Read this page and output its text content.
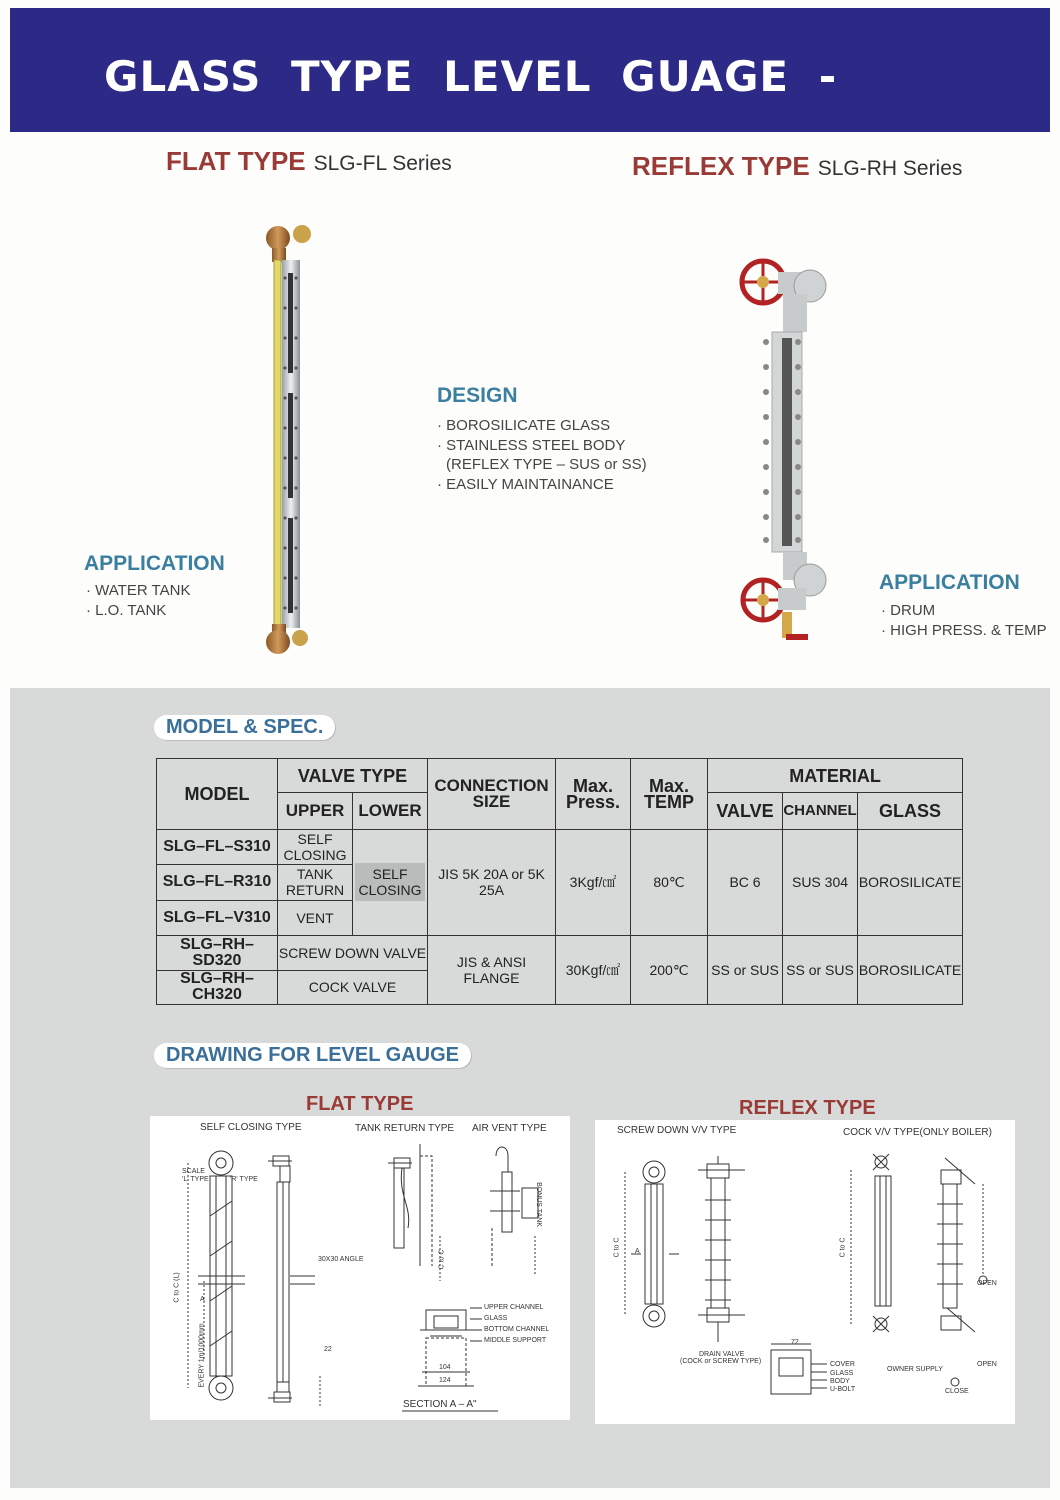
GLASS TYPE LEVEL GUAGE -
FLAT TYPE SLG-FL Series	REFLEX TYPE SLG-RH Series
DESIGN
· BOROSILICATE GLASS
· STAINLESS STEEL BODY
(REFLEX TYPE – SUS or SS)
· EASILY MAINTAINANCE
APPLICATION
· WATER TANK
· L.O. TANK
APPLICATION
· DRUM
· HIGH PRESS. & TEMP
MODEL & SPEC.
MODEL	VALVE TYPE		CONNECTION SIZE	Max. Press.	Max. TEMP	MATERIAL		
	UPPER	LOWER				VALVE	CHANNEL	GLASS
SLG–FL–S310	SELF CLOSING	SELF CLOSING	JIS 5K 20A or 5K 25A	3Kgf/㎠	80℃	BC 6	SUS 304	BOROSILICATE
SLG–FL–R310	TANK RETURN							
SLG–FL–V310	VENT							
SLG–RH–SD320	SCREW DOWN VALVE		JIS & ANSI FLANGE	30Kgf/㎠	200℃	SS or SUS	SS or SUS	BOROSILICATE
SLG–RH–CH320	COCK VALVE							
DRAWING FOR LEVEL GAUGE
FLAT TYPE	REFLEX TYPE
SELF CLOSING TYPE	TANK RETURN TYPE AIR VENT TYPE
SCALE
'L' TYPE	'R' TYPE
C to C (L)
EVERY 1m/1000mm
A
30X30 ANGLE
22
C to C
BONUS TANK
UPPER CHANNEL
GLASS
BOTTOM CHANNEL
MIDDLE SUPPORT
104
124
SECTION A – A"
SCREW DOWN V/V TYPE	COCK V/V TYPE(ONLY BOILER)
C to C	C to C
A
DRAIN VALVE
(COCK or SCREW TYPE)
72
COVER
GLASS
BODY
U-BOLT
OPEN
OPEN
OWNER SUPPLY
CLOSE
